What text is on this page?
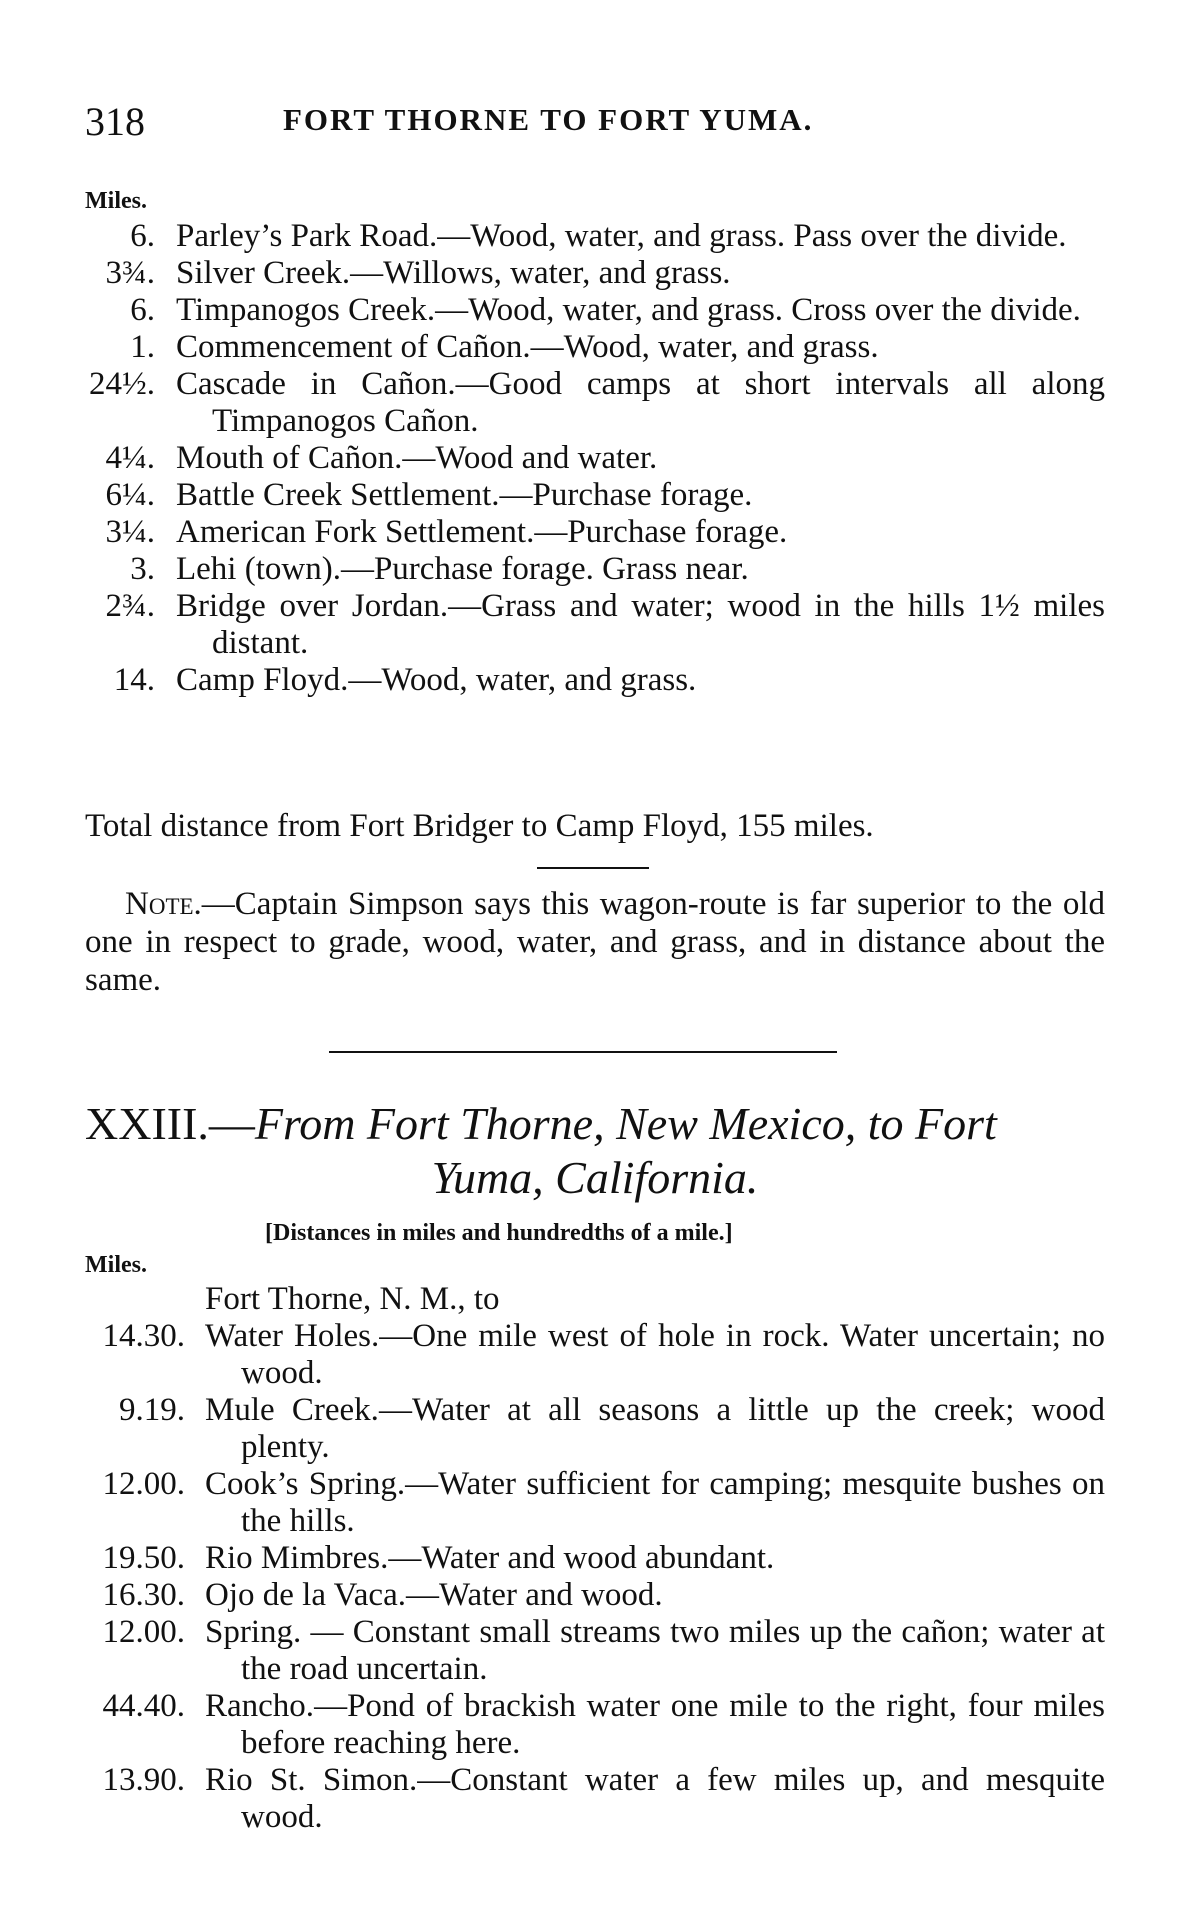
318	FORT THORNE TO FORT YUMA.
Miles.
6. Parley’s Park Road.—Wood, water, and grass. Pass over the divide.
3¾. Silver Creek.—Willows, water, and grass.
6. Timpanogos Creek.—Wood, water, and grass. Cross over the divide.
1. Commencement of Cañon.—Wood, water, and grass.
24½. Cascade in Cañon.—Good camps at short intervals all along Timpanogos Cañon.
4¼. Mouth of Cañon.—Wood and water.
6¼. Battle Creek Settlement.—Purchase forage.
3¼. American Fork Settlement.—Purchase forage.
3. Lehi (town).—Purchase forage. Grass near.
2¾. Bridge over Jordan.—Grass and water; wood in the hills 1½ miles distant.
14. Camp Floyd.—Wood, water, and grass.
Total distance from Fort Bridger to Camp Floyd, 155 miles.

Note.—Captain Simpson says this wagon-route is far superior to the old one in respect to grade, wood, water, and grass, and in distance about the same.

XXIII.—From Fort Thorne, New Mexico, to Fort
Yuma, California.
[Distances in miles and hundredths of a mile.]
Miles.
Fort Thorne, N. M., to
14.30. Water Holes.—One mile west of hole in rock. Water uncertain; no wood.
9.19. Mule Creek.—Water at all seasons a little up the creek; wood plenty.
12.00. Cook’s Spring.—Water sufficient for camping; mesquite bushes on the hills.
19.50. Rio Mimbres.—Water and wood abundant.
16.30. Ojo de la Vaca.—Water and wood.
12.00. Spring. — Constant small streams two miles up the cañon; water at the road uncertain.
44.40. Rancho.—Pond of brackish water one mile to the right, four miles before reaching here.
13.90. Rio St. Simon.—Constant water a few miles up, and mesquite wood.
